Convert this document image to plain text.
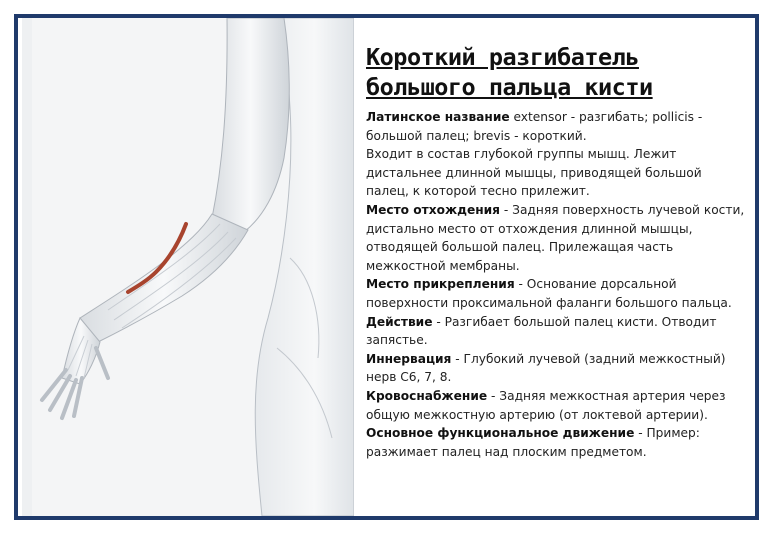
Короткий разгибатель большого пальца кисти
Латинское название extensor - разгибать; pollicis - большой палец; brevis - короткий.
Входит в состав глубокой группы мышц. Лежит дистальнее длинной мышцы, приводящей большой палец, к которой тесно прилежит.
Место отхождения - Задняя поверхность лучевой кости, дистально место от отхождения длинной мышцы, отводящей большой палец. Прилежащая часть межкостной мембраны.
Место прикрепления - Основание дорсальной поверхности проксимальной фаланги большого пальца.
Действие - Разгибает большой палец кисти. Отводит запястье.
Иннервация - Глубокий лучевой (задний межкостный) нерв С6, 7, 8.
Кровоснабжение - Задняя межкостная артерия через общую межкостную артерию (от локтевой артерии).
Основное функциональное движение - Пример: разжимает палец над плоским предметом.
